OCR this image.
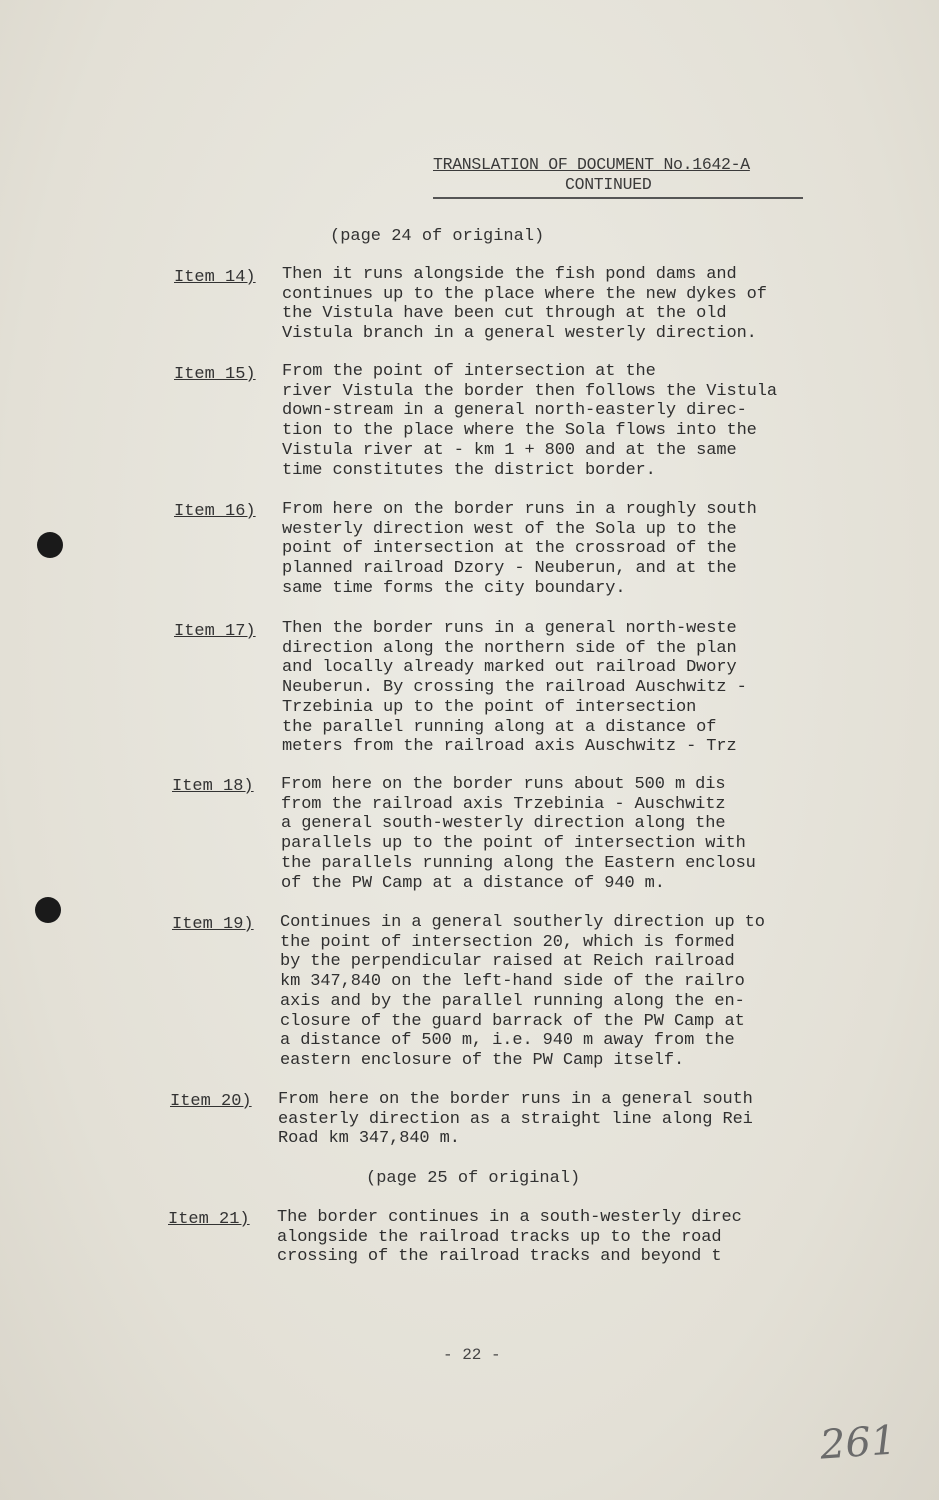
TRANSLATION OF DOCUMENT No.1642-A
CONTINUED
(page 24 of original)
Item 14) Then it runs alongside the fish pond dams and
continues up to the place where the new dykes of
the Vistula have been cut through at the old
Vistula branch in a general westerly direction.
Item 15) From the point of intersection at the
river Vistula the border then follows the Vistula
down-stream in a general north-easterly direc-
tion to the place where the Sola flows into the
Vistula river at - km 1 + 800 and at the same
time constitutes the district border.
Item 16) From here on the border runs in a roughly south
westerly direction west of the Sola up to the
point of intersection at the crossroad of the
planned railroad Dzory - Neuberun, and at the
same time forms the city boundary.
Item 17) Then the border runs in a general north-weste
direction along the northern side of the plan
and locally already marked out railroad Dwory
Neuberun. By crossing the railroad Auschwitz -
Trzebinia up to the point of intersection
the parallel running along at a distance of
meters from the railroad axis Auschwitz - Trz
Item 18) From here on the border runs about 500 m dis
from the railroad axis Trzebinia - Auschwitz
a general south-westerly direction along the
parallels up to the point of intersection with
the parallels running along the Eastern enclosu
of the PW Camp at a distance of 940 m.
Item 19) Continues in a general southerly direction up to
the point of intersection 20, which is formed
by the perpendicular raised at Reich railroad
km 347,840 on the left-hand side of the railro
axis and by the parallel running along the en-
closure of the guard barrack of the PW Camp at
a distance of 500 m, i.e. 940 m away from the
eastern enclosure of the PW Camp itself.
Item 20) From here on the border runs in a general south
easterly direction as a straight line along Rei
Road km 347,840 m.
(page 25 of original)
Item 21) The border continues in a south-westerly direc
alongside the railroad tracks up to the road
crossing of the railroad tracks and beyond t
- 22 -
261
